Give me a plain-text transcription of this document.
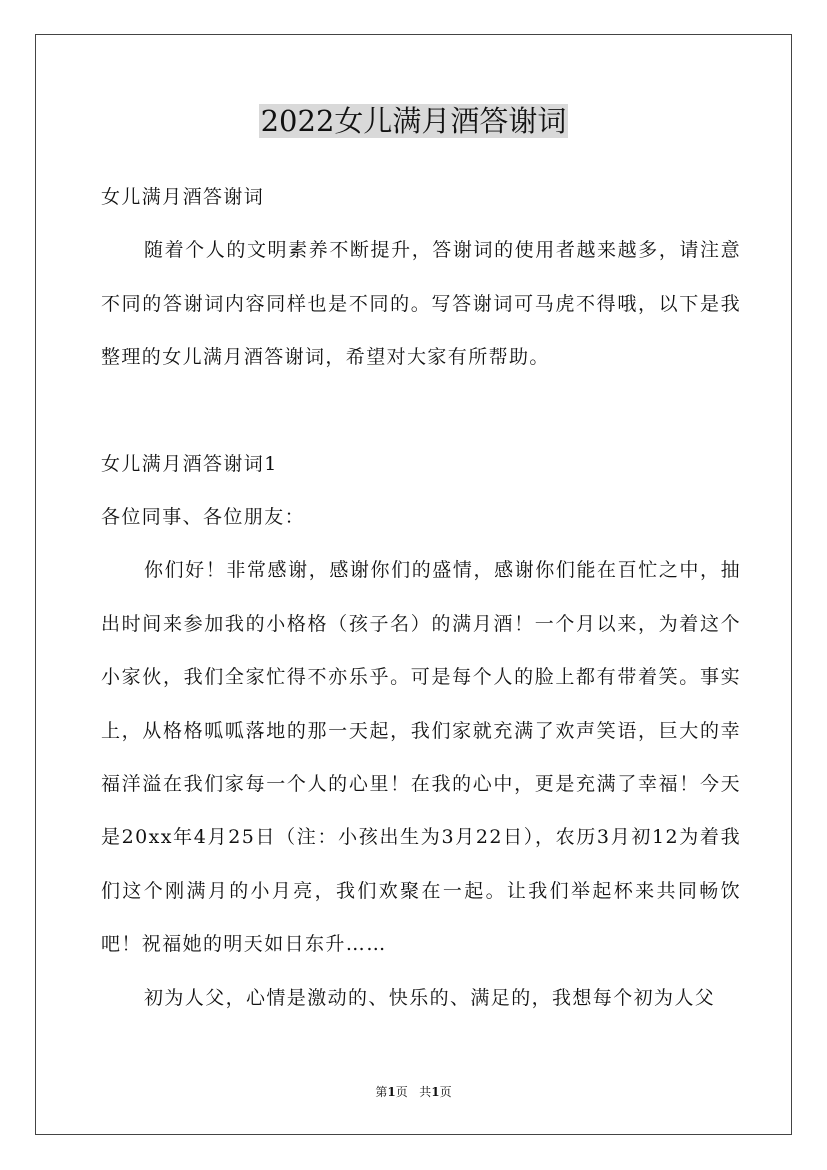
2022女儿满月酒答谢词

女儿满月酒答谢词

随着个人的文明素养不断提升，答谢词的使用者越来越多，请注意不同的答谢词内容同样也是不同的。写答谢词可马虎不得哦，以下是我整理的女儿满月酒答谢词，希望对大家有所帮助。

女儿满月酒答谢词1

各位同事、各位朋友：

你们好！非常感谢，感谢你们的盛情，感谢你们能在百忙之中，抽出时间来参加我的小格格（孩子名）的满月酒！一个月以来，为着这个小家伙，我们全家忙得不亦乐乎。可是每个人的脸上都有带着笑。事实上，从格格呱呱落地的那一天起，我们家就充满了欢声笑语，巨大的幸福洋溢在我们家每一个人的心里！在我的心中，更是充满了幸福！今天是20xx年4月25日（注：小孩出生为3月22日），农历3月初12为着我们这个刚满月的小月亮，我们欢聚在一起。让我们举起杯来共同畅饮吧！祝福她的明天如日东升……

初为人父，心情是激动的、快乐的、满足的，我想每个初为人父

第1页   共1页
